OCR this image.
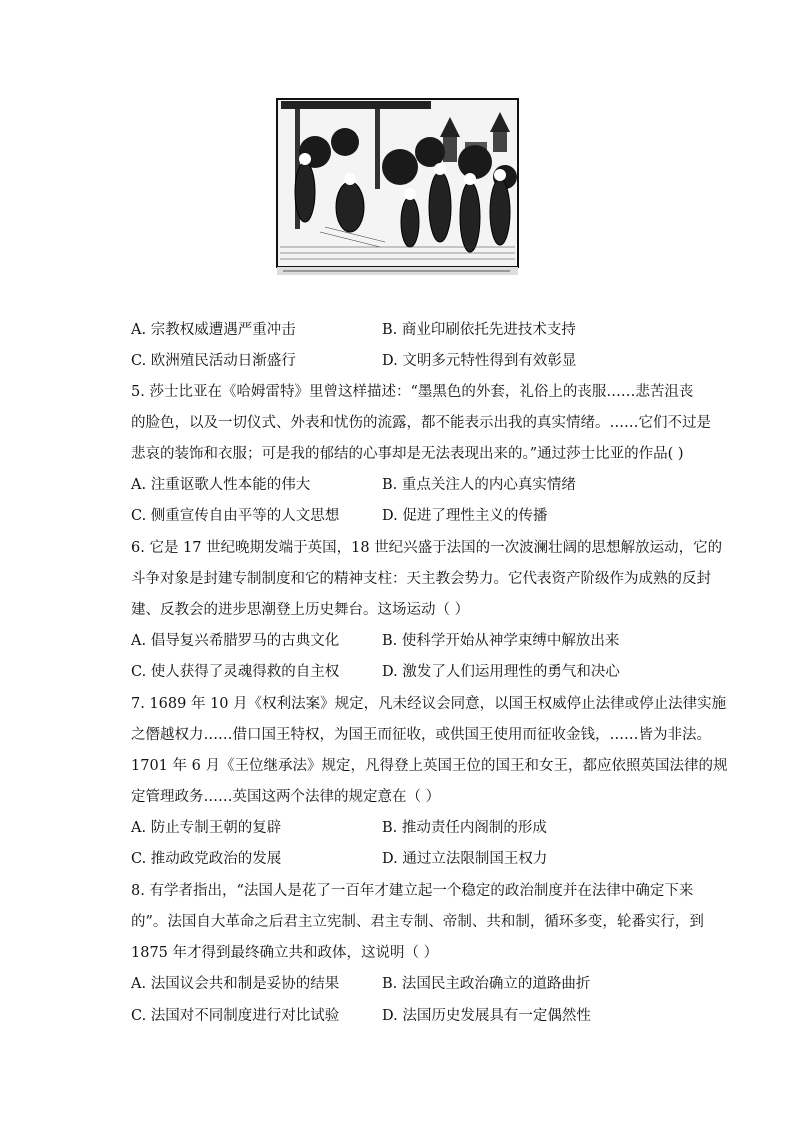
A. 宗教权威遭遇严重冲击	B. 商业印刷依托先进技术支持
C. 欧洲殖民活动日渐盛行	D. 文明多元特性得到有效彰显
5. 莎士比亚在《哈姆雷特》里曾这样描述：“墨黑色的外套，礼俗上的丧服……悲苦沮丧
的脸色，以及一切仪式、外表和忧伤的流露，都不能表示出我的真实情绪。……它们不过是
悲哀的装饰和衣服；可是我的郁结的心事却是无法表现出来的。”通过莎士比亚的作品( )
A. 注重讴歌人性本能的伟大	B. 重点关注人的内心真实情绪
C. 侧重宣传自由平等的人文思想	D. 促进了理性主义的传播
6. 它是 17 世纪晚期发端于英国，18 世纪兴盛于法国的一次波澜壮阔的思想解放运动，它的
斗争对象是封建专制制度和它的精神支柱：天主教会势力。它代表资产阶级作为成熟的反封
建、反教会的进步思潮登上历史舞台。这场运动（ ）
A. 倡导复兴希腊罗马的古典文化	B. 使科学开始从神学束缚中解放出来
C. 使人获得了灵魂得救的自主权	D. 激发了人们运用理性的勇气和决心
7. 1689 年 10 月《权利法案》规定，凡未经议会同意，以国王权威停止法律或停止法律实施
之僭越权力……借口国王特权，为国王而征收，或供国王使用而征收金钱，……皆为非法。
1701 年 6 月《王位继承法》规定，凡得登上英国王位的国王和女王，都应依照英国法律的规
定管理政务……英国这两个法律的规定意在（ ）
A. 防止专制王朝的复辟	B. 推动责任内阁制的形成
C. 推动政党政治的发展	D. 通过立法限制国王权力
8. 有学者指出，“法国人是花了一百年才建立起一个稳定的政治制度并在法律中确定下来
的”。法国自大革命之后君主立宪制、君主专制、帝制、共和制，循环多变，轮番实行，到
1875 年才得到最终确立共和政体，这说明（ ）
A. 法国议会共和制是妥协的结果	B. 法国民主政治确立的道路曲折
C. 法国对不同制度进行对比试验	D. 法国历史发展具有一定偶然性
